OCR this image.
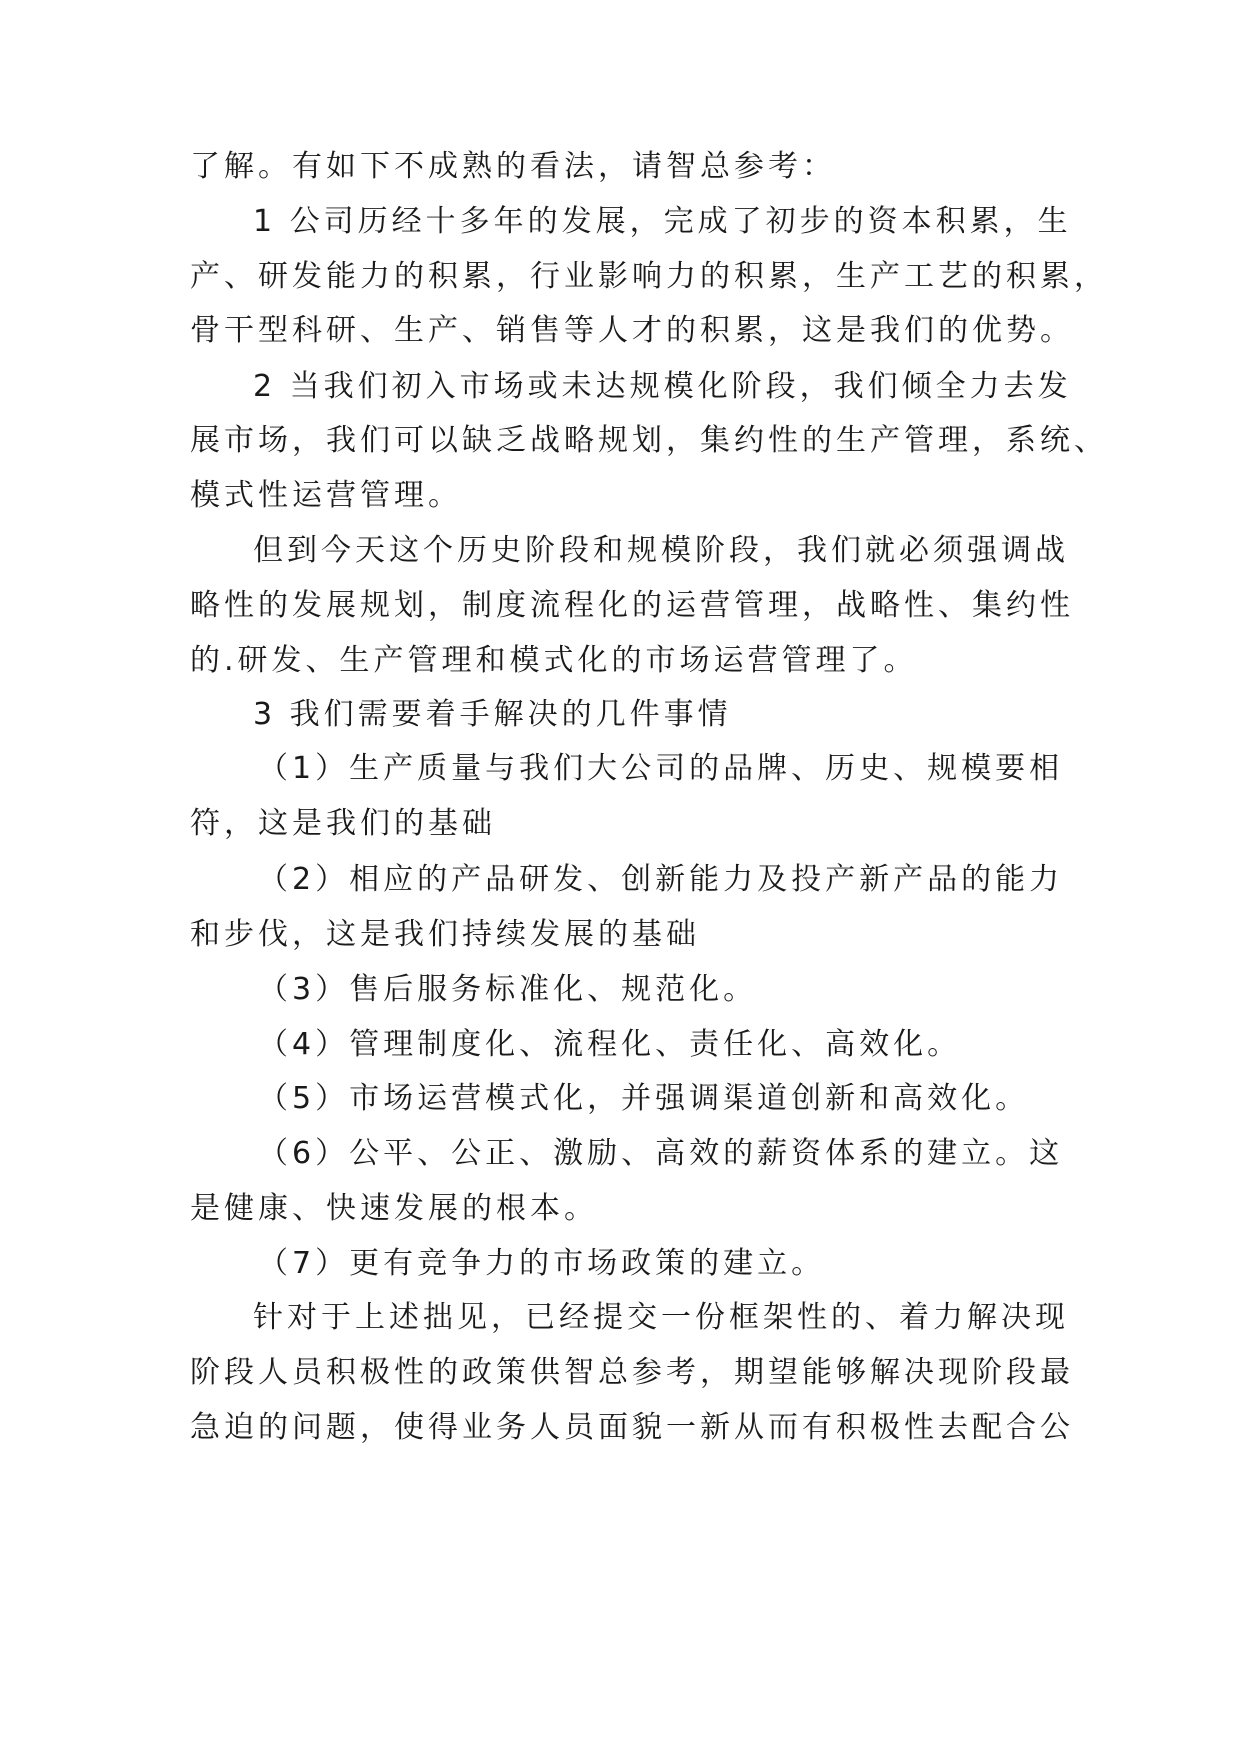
了解。有如下不成熟的看法，请智总参考：
1 公司历经十多年的发展，完成了初步的资本积累，生
产、研发能力的积累，行业影响力的积累，生产工艺的积累，
骨干型科研、生产、销售等人才的积累，这是我们的优势。
2 当我们初入市场或未达规模化阶段，我们倾全力去发
展市场，我们可以缺乏战略规划，集约性的生产管理，系统、
模式性运营管理。
但到今天这个历史阶段和规模阶段，我们就必须强调战
略性的发展规划，制度流程化的运营管理，战略性、集约性
的.研发、生产管理和模式化的市场运营管理了。
3 我们需要着手解决的几件事情
（1）生产质量与我们大公司的品牌、历史、规模要相
符，这是我们的基础
（2）相应的产品研发、创新能力及投产新产品的能力
和步伐，这是我们持续发展的基础
（3）售后服务标准化、规范化。
（4）管理制度化、流程化、责任化、高效化。
（5）市场运营模式化，并强调渠道创新和高效化。
（6）公平、公正、激励、高效的薪资体系的建立。这
是健康、快速发展的根本。
（7）更有竞争力的市场政策的建立。
针对于上述拙见，已经提交一份框架性的、着力解决现
阶段人员积极性的政策供智总参考，期望能够解决现阶段最
急迫的问题，使得业务人员面貌一新从而有积极性去配合公
